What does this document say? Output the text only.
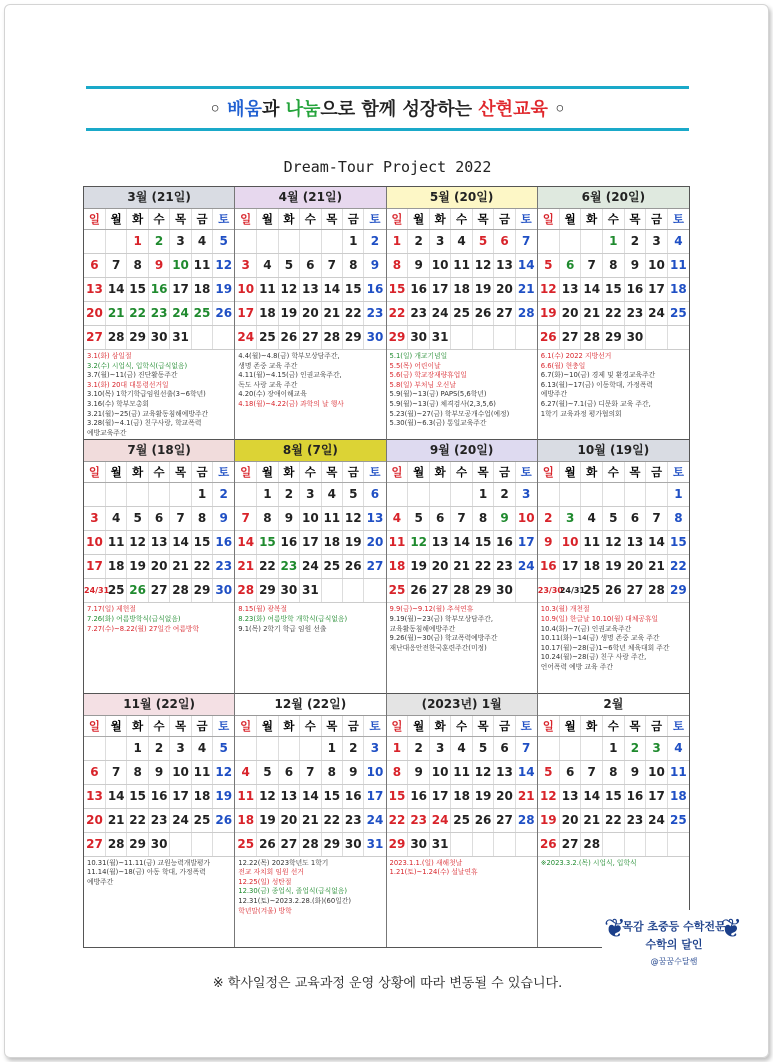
◦ 배움과 나눔으로 함께 성장하는 산현교육 ◦
Dream-Tour Project 2022
3월 (21일)
일	월	화	수	목	금	토
		1	2	3	4	5
6	7	8	9	10	11	12
13	14	15	16	17	18	19
20	21	22	23	24	25	26
27	28	29	30	31		
3.1(화) 삼일절
3.2(수) 시업식, 입학식(급식없음)
3.7(월)~11(금) 진단활동주간
3.1(화) 20대 대통령선거일
3.10(목) 1학기학급임원선출(3~6학년)
3.16(수) 학부모총회
3.21(월)~25(금) 교육활동침해예방주간
3.28(월)~4.1(금) 친구사랑, 학교폭력
예방교육주간
4월 (21일)
일	월	화	수	목	금	토
					1	2
3	4	5	6	7	8	9
10	11	12	13	14	15	16
17	18	19	20	21	22	23
24	25	26	27	28	29	30
4.4(월)~4.8(금) 학부모상담주간,
생명 존중 교육 주간
4.11(월)~4.15(금) 인권교육주간,
독도 사랑 교육 주간
4.20(수) 장애이해교육
4.18(월)~4.22(금) 과학의 날 행사
5월 (20일)
일	월	화	수	목	금	토
1	2	3	4	5	6	7
8	9	10	11	12	13	14
15	16	17	18	19	20	21
22	23	24	25	26	27	28
29	30	31				
5.1(일) 개교기념일
5.5(목) 어린이날
5.6(금) 학교장재량휴업일
5.8(일) 부처님 오신날
5.9(월)~13(금) PAPS(5,6학년)
5.9(월)~13(금) 체격검사(2,3,5,6)
5.23(월)~27(금) 학부모공개수업(예정)
5.30(월)~6.3(금) 통일교육주간
6월 (20일)
일	월	화	수	목	금	토
			1	2	3	4
5	6	7	8	9	10	11
12	13	14	15	16	17	18
19	20	21	22	23	24	25
26	27	28	29	30		
6.1(수) 2022 지방선거
6.6(월) 현충일
6.7(화)~10(금) 경제 및 환경교육주간
6.13(월)~17(금) 이동학대, 가정폭력
예방주간
6.27(월)~7.1(금) 디문화 교육 주간,
1학기 교육과정 평가협의회
7월 (18일)
일	월	화	수	목	금	토
					1	2
3	4	5	6	7	8	9
10	11	12	13	14	15	16
17	18	19	20	21	22	23
24/31	25	26	27	28	29	30
7.17(일) 제헌절
7.26(화) 여름방학식(급식없음)
7.27(수)~8.22(월) 27일간 여름방학
8월 (7일)
일	월	화	수	목	금	토
	1	2	3	4	5	6
7	8	9	10	11	12	13
14	15	16	17	18	19	20
21	22	23	24	25	26	27
28	29	30	31			
8.15(월) 광복절
8.23(화) 여름방학 개학식(급식없음)
9.1(목) 2학기 학급 임원 선출
9월 (20일)
일	월	화	수	목	금	토
				1	2	3
4	5	6	7	8	9	10
11	12	13	14	15	16	17
18	19	20	21	22	23	24
25	26	27	28	29	30	
9.9(금)~9.12(월) 추석연휴
9.19(월)~23(금) 학부모상담주간,
교육활동침해예방주간
9.26(월)~30(금) 학교폭력예방주간
재난대응안전한국훈련주간(미정)
10월 (19일)
일	월	화	수	목	금	토
						1
2	3	4	5	6	7	8
9	10	11	12	13	14	15
16	17	18	19	20	21	22
23/30	24/31	25	26	27	28	29
10.3(월) 개천절
10.9(일) 한글날 10.10(월) 대체공휴일
10.4(화)~7(금) 인권교육주간
10.11(화)~14(금) 생명 존중 교육 주간
10.17(월)~28(금)1~6학년 체육대회 주간
10.24(월)~28(금) 친구 사랑 주간,
언어폭력 예방 교육 주간
11월 (22일)
일	월	화	수	목	금	토
		1	2	3	4	5
6	7	8	9	10	11	12
13	14	15	16	17	18	19
20	21	22	23	24	25	26
27	28	29	30			
10.31(월)~11.11(금) 교원능력개발평가
11.14(월)~18(금) 아동 학대, 가정폭력
예방주간
12월 (22일)
일	월	화	수	목	금	토
				1	2	3
4	5	6	7	8	9	10
11	12	13	14	15	16	17
18	19	20	21	22	23	24
25	26	27	28	29	30	31
12.22(목) 2023학년도 1학기
전교 자치회 임원 선거
12.25(일) 성탄절
12.30(금) 종업식, 졸업식(급식없음)
12.31(토)~2023.2.28.(화)(60일간)
학년말(겨울) 방학
(2023년) 1월
일	월	화	수	목	금	토
1	2	3	4	5	6	7
8	9	10	11	12	13	14
15	16	17	18	19	20	21
22	23	24	25	26	27	28
29	30	31				
2023.1.1.(일) 새해첫날
1.21(토)~1.24(수) 설날연휴
2월
일	월	화	수	목	금	토
			1	2	3	4
5	6	7	8	9	10	11
12	13	14	15	16	17	18
19	20	21	22	23	24	25
26	27	28				
※2023.3.2.(목) 시업식, 입학식
※ 학사일정은 교육과정 운영 상황에 따라 변동될 수 있습니다.
❦	❦
목감 초중등 수학전문
수학의 달인
@꿈꿈수달쌤
